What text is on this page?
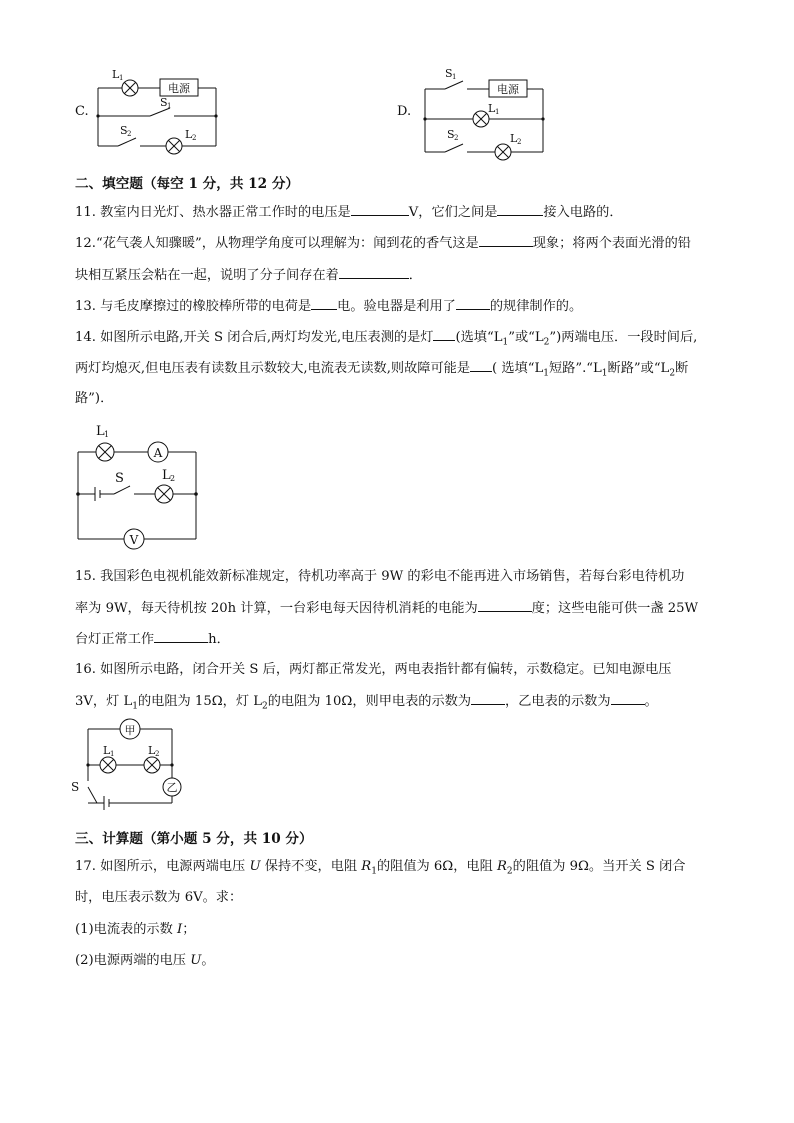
C.
电源
L 1
S 1
S 2	L 2
D.
电源
S 1
L 1
S 2	L 2
二、填空题（每空 1 分，共 12 分）
11. 教室内日光灯、热水器正常工作时的电压是	V，它们之间是	接入电路的．
12.“花气袭人知骤暖”，从物理学角度可以理解为：闻到花的香气这是	现象；将两个表面光滑的铅
块相互紧压会粘在一起，说明了分子间存在着	．
13. 与毛皮摩擦过的橡胶棒所带的电荷是 电。验电器是利用了	的规律制作的。
14. 如图所示电路,开关 S 闭合后,两灯均发光,电压表测的是灯 (选填“$L_1$”或“$L_2$”)两端电压．一段时间后,
两灯均熄灭,但电压表有读数且示数较大,电流表无读数,则故障可能是 ( 选填“$L_1$短路$”.“L_1$断路”或“$L_2$断
路”)．
A
V
L 1
S	L 2
15. 我国彩色电视机能效新标准规定，待机功率高于 9W 的彩电不能再进入市场销售，若每台彩电待机功
率为 9W，每天待机按 20h 计算，一台彩电每天因待机消耗的电能为	度；这些电能可供一盏 25W
台灯正常工作	h．
16. 如图所示电路，闭合开关 S 后，两灯都正常发光，两电表指针都有偏转，示数稳定。已知电源电压
3V，灯 $L_1$的电阻为 15Ω，灯 $L_2$的电阻为 10Ω，则甲电表的示数为	，乙电表的示数为	。
甲
乙
L 1	L 2
S
三、计算题（第小题 5 分，共 10 分）
17. 如图所示，电源两端电压 U 保持不变，电阻 $R_1$的阻值为 6Ω，电阻 $R_2$的阻值为 9Ω。当开关 S 闭合
时，电压表示数为 6V。求：
(1)电流表的示数 I；
(2)电源两端的电压 U。
